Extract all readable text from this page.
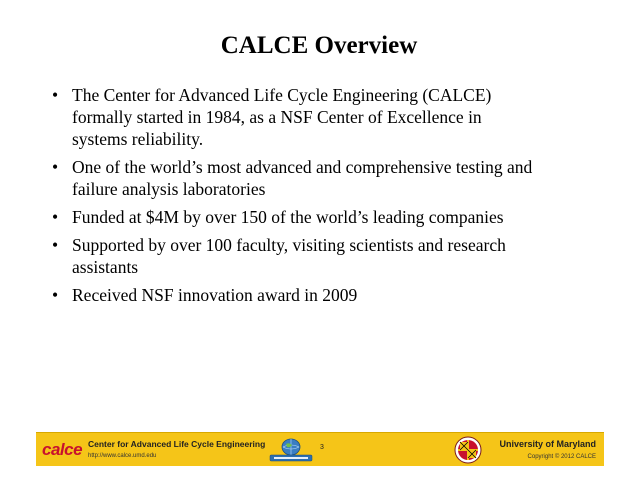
CALCE Overview
• The Center for Advanced Life Cycle Engineering (CALCE)
formally started in 1984, as a NSF Center of Excellence in
systems reliability.
• One of the world’s most advanced and comprehensive testing and
failure analysis laboratories
• Funded at $4M by over 150 of the world’s leading companies
• Supported by over 100 faculty, visiting scientists and research
assistants
• Received NSF innovation award in 2009
calce Center for Advanced Life Cycle Engineering
http://www.calce.umd.edu
3	University of Maryland
Copyright © 2012 CALCE
